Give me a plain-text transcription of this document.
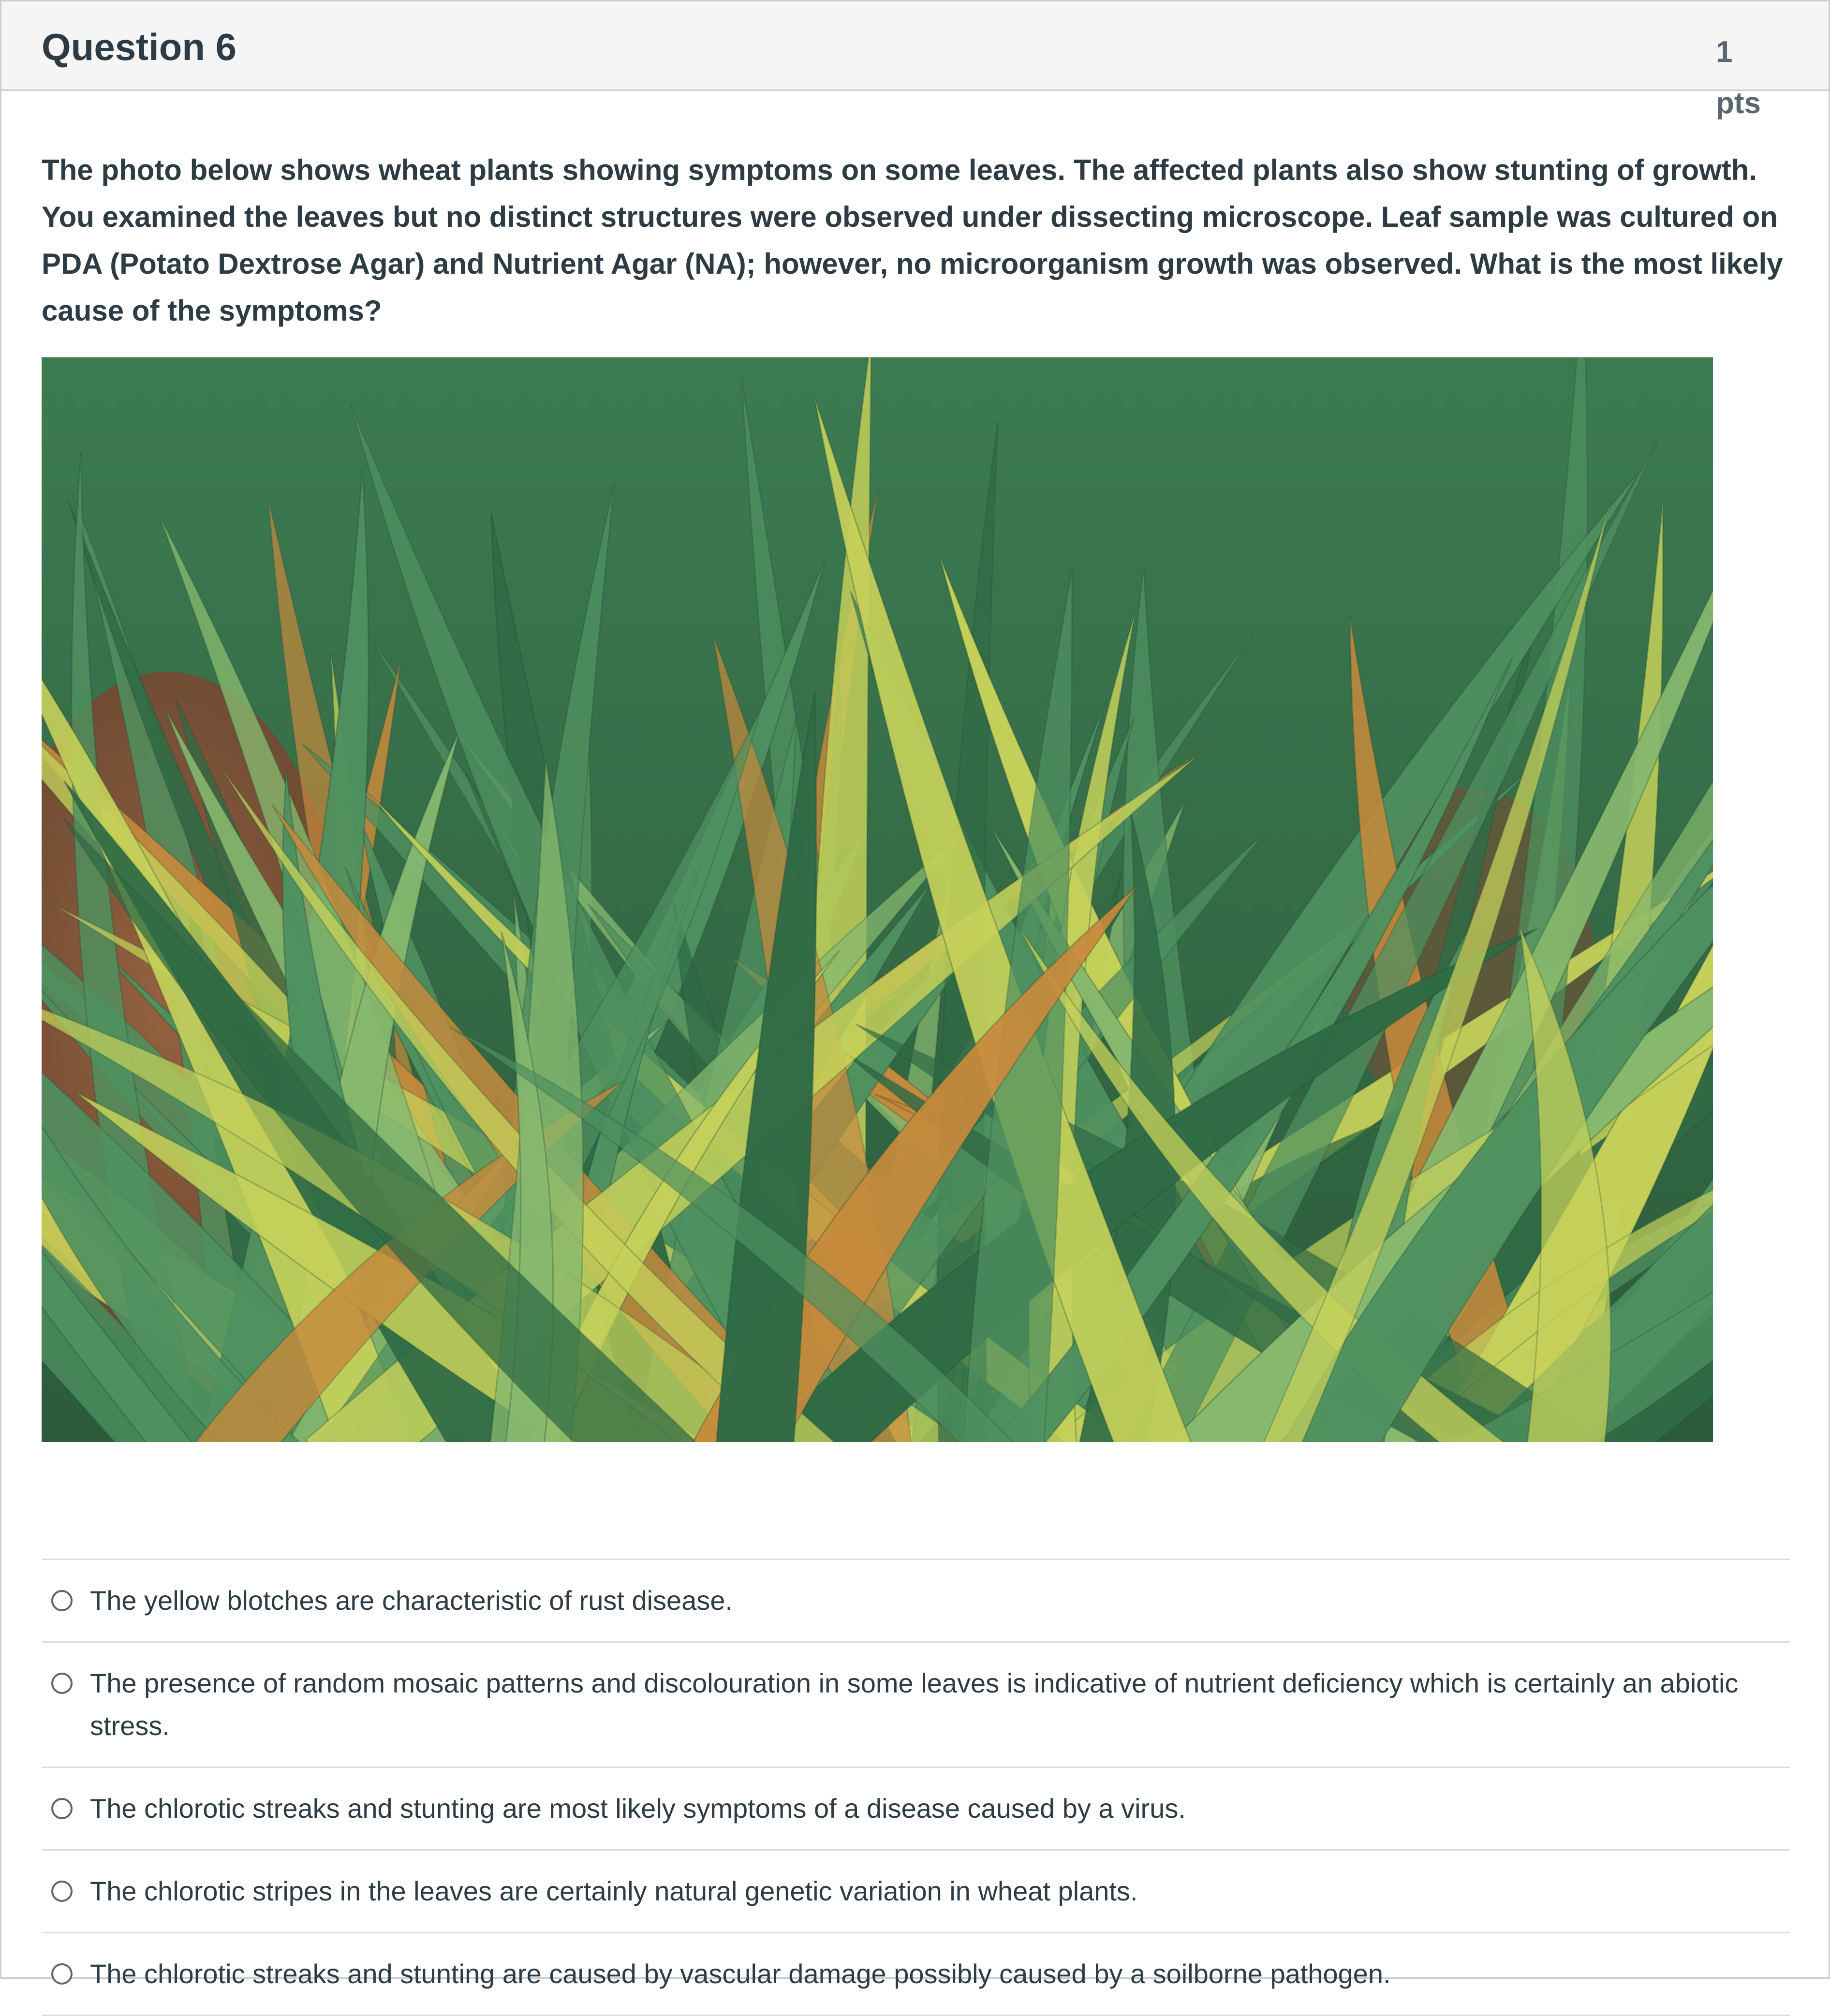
Question 6	1 pts

The photo below shows wheat plants showing symptoms on some leaves. The affected plants also show stunting of growth. You examined the leaves but no distinct structures were observed under dissecting microscope. Leaf sample was cultured on PDA (Potato Dextrose Agar) and Nutrient Agar (NA); however, no microorganism growth was observed. What is the most likely cause of the symptoms?

The yellow blotches are characteristic of rust disease.
The presence of random mosaic patterns and discolouration in some leaves is indicative of nutrient deficiency which is certainly an abiotic stress.
The chlorotic streaks and stunting are most likely symptoms of a disease caused by a virus.
The chlorotic stripes in the leaves are certainly natural genetic variation in wheat plants.
The chlorotic streaks and stunting are caused by vascular damage possibly caused by a soilborne pathogen.
